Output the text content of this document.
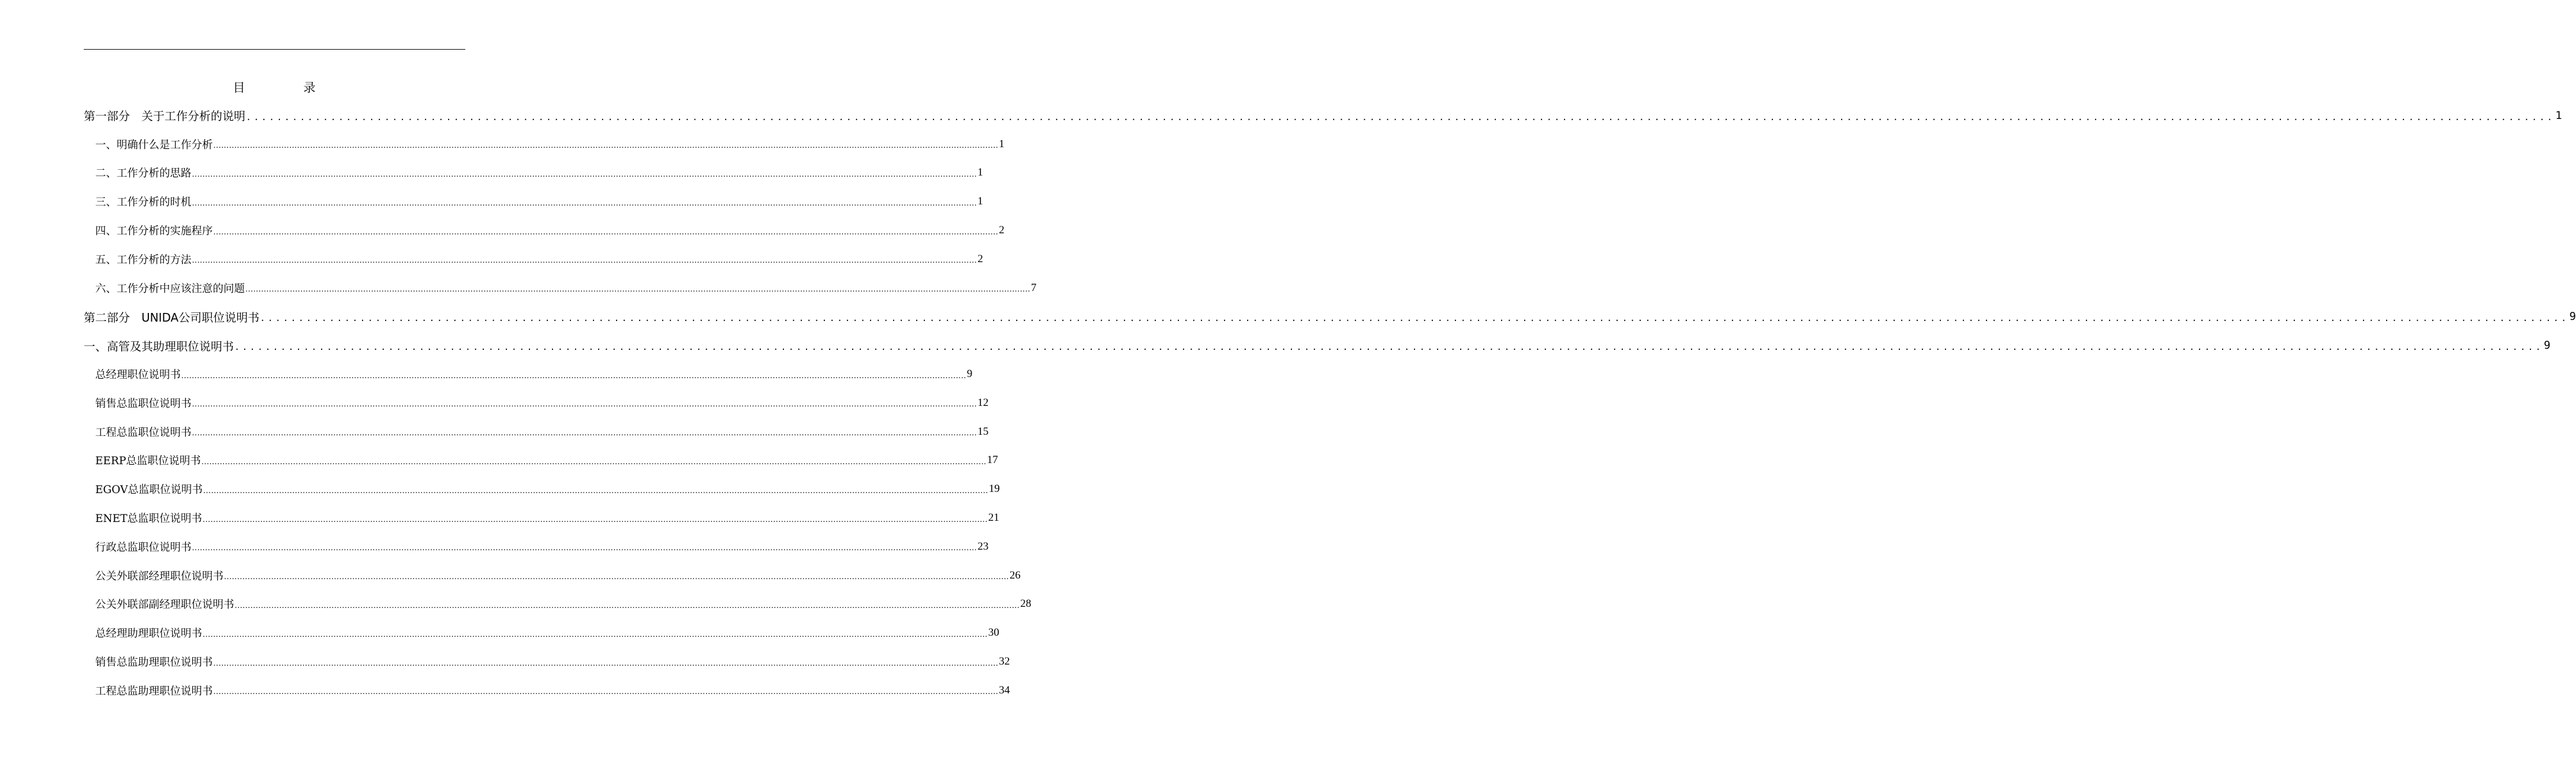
目　录
第一部分　关于工作分析的说明 ............................................................................................................................................................................................................................................................................................................ 1
一、明确什么是工作分析 ............................................................................................................................................................................................................................................................................................................ 1
二、工作分析的思路 ............................................................................................................................................................................................................................................................................................................ 1
三、工作分析的时机 ............................................................................................................................................................................................................................................................................................................ 1
四、工作分析的实施程序 ............................................................................................................................................................................................................................................................................................................ 2
五、工作分析的方法 ............................................................................................................................................................................................................................................................................................................ 2
六、工作分析中应该注意的问题 ............................................................................................................................................................................................................................................................................................................ 7
第二部分　UNIDA公司职位说明书 ............................................................................................................................................................................................................................................................................................................ 9
一、高管及其助理职位说明书 ............................................................................................................................................................................................................................................................................................................ 9
总经理职位说明书 ............................................................................................................................................................................................................................................................................................................ 9
销售总监职位说明书 ............................................................................................................................................................................................................................................................................................................ 12
工程总监职位说明书 ............................................................................................................................................................................................................................................................................................................ 15
EERP总监职位说明书 ............................................................................................................................................................................................................................................................................................................ 17
EGOV总监职位说明书 ............................................................................................................................................................................................................................................................................................................ 19
ENET总监职位说明书 ............................................................................................................................................................................................................................................................................................................ 21
行政总监职位说明书 ............................................................................................................................................................................................................................................................................................................ 23
公关外联部经理职位说明书 ............................................................................................................................................................................................................................................................................................................ 26
公关外联部副经理职位说明书 ............................................................................................................................................................................................................................................................................................................ 28
总经理助理职位说明书 ............................................................................................................................................................................................................................................................................................................ 30
销售总监助理职位说明书 ............................................................................................................................................................................................................................................................................................................ 32
工程总监助理职位说明书 ............................................................................................................................................................................................................................................................................................................ 34
